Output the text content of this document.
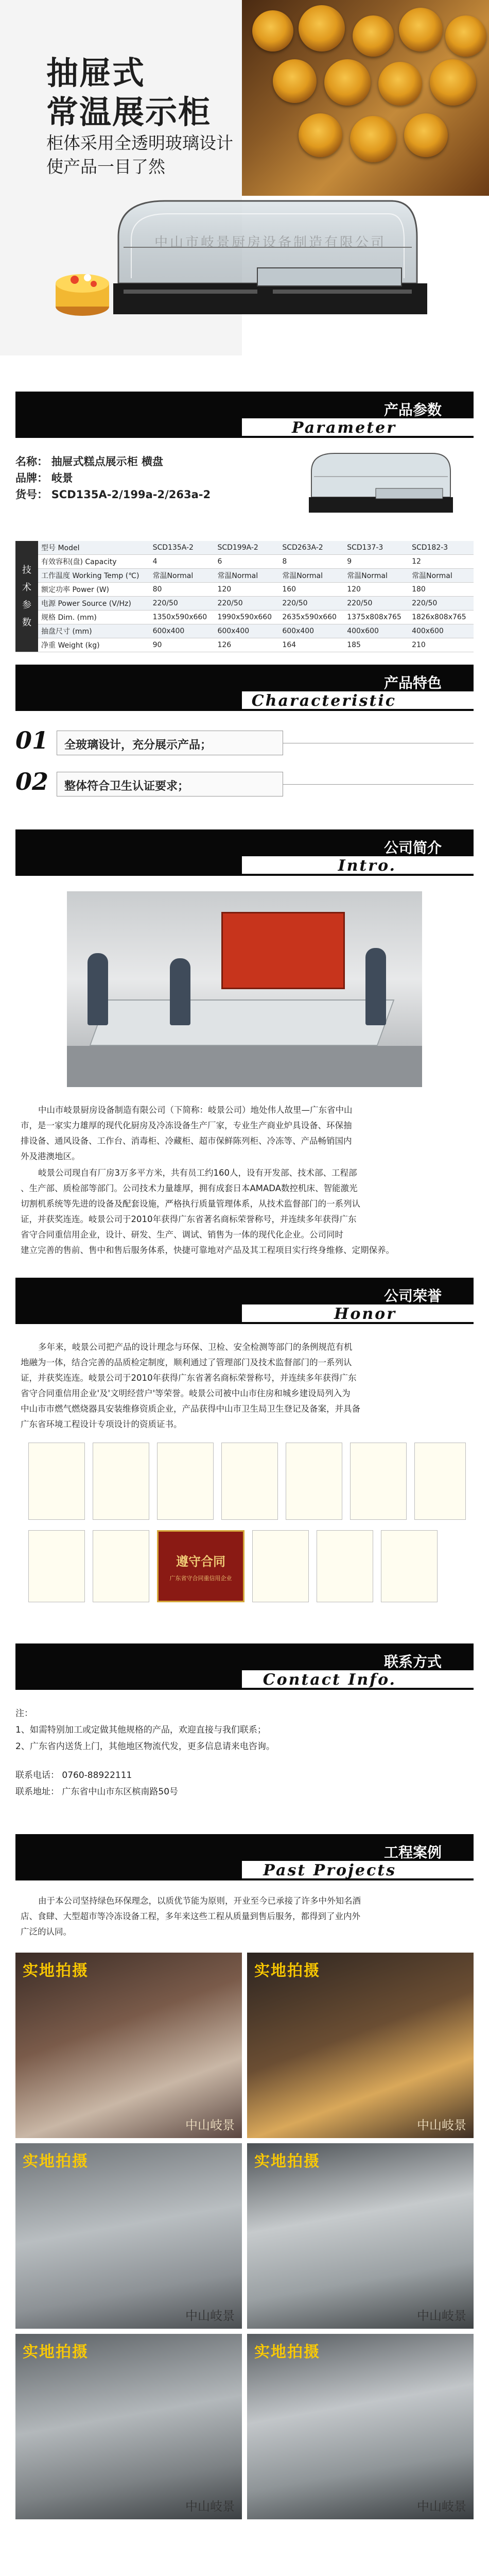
抽屉式
常温展示柜
柜体采用全透明玻璃设计
使产品一目了然
中山市岐景厨房设备制造有限公司
产品参数
Parameter
名称： 抽屉式糕点展示柜 横盘
品牌： 岐景
货号： SCD135A-2/199a-2/263a-2
技
术
参
数	型号 Model	SCD135A-2	SCD199A-2	SCD263A-2	SCD137-3	SCD182-3
	有效容积(盘) Capacity	4	6	8	9	12
	工作温度 Working Temp (℃)	常温Normal	常温Normal	常温Normal	常温Normal	常温Normal
	额定功率 Power (W)	80	120	160	120	180
	电源 Power Source (V/Hz)	220/50	220/50	220/50	220/50	220/50
	规格 Dim. (mm)	1350x590x660	1990x590x660	2635x590x660	1375x808x765	1826x808x765
	抽盘尺寸 (mm)	600x400	600x400	600x400	400x600	400x600
	净重 Weight (kg)	90	126	164	185	210
产品特色
Characteristic
01 全玻璃设计，充分展示产品；
02 整体符合卫生认证要求；
公司简介
Intro.
中山市岐景厨房设备制造有限公司（下简称：岐景公司）地处伟人故里—广东省中山
市，是一家实力雄厚的现代化厨房及冷冻设备生产厂家，专业生产商业炉具设备、环保抽
排设备、通风设备、工作台、消毒柜、冷藏柜、超市保鲜陈列柜、冷冻等、产品畅销国内
外及港澳地区。
岐景公司现自有厂房3万多平方米，共有员工约160人，设有开发部、技术部、工程部
、生产部、质检部等部门。公司技术力量雄厚，拥有成套日本AMADA数控机床、智能激光
切割机系统等先进的设备及配套设施，严格执行质量管理体系，从技术监督部门的一系列认
证，并获奖连连。岐景公司于2010年获得广东省著名商标荣誉称号，并连续多年获得广东
省守合同重信用企业，设计、研发、生产、调试、销售为一体的现代化企业。公司同时
建立完善的售前、售中和售后服务体系，快捷可靠地对产品及其工程项目实行终身维修、定期保养。
公司荣誉
Honor
多年来，岐景公司把产品的设计理念与环保、卫检、安全检测等部门的条例规范有机
地融为一体，结合完善的品质检定制度，顺利通过了管理部门及技术监督部门的一系列认
证，并获奖连连。岐景公司于2010年获得广东省著名商标荣誉称号，并连续多年获得广东
省守合同重信用企业'及'文明经营户'等荣誉。岐景公司被中山市住房和城乡建设局列入为
中山市市燃气燃烧器具安装维修资质企业，产品获得中山市卫生局卫生登记及备案，并具备
广东省环境工程设计专项设计的资质证书。
遵守合同
广东省守合同重信用企业
联系方式
Contact Info.
注：
1、如需特别加工或定做其他规格的产品，欢迎直接与我们联系；
2、广东省内送货上门，其他地区物流代发，更多信息请来电咨询。
联系电话： 0760-88922111
联系地址： 广东省中山市东区槟南路50号
工程案例
Past Projects
由于本公司坚持绿色环保理念，以质优节能为原则，开业至今已承接了许多中外知名酒
店、食肆、大型超市等冷冻设备工程，多年来这些工程从质量到售后服务，都得到了业内外
广泛的认同。
实地拍摄
中山岐景
实地拍摄
中山岐景
实地拍摄
中山岐景
实地拍摄
中山岐景
实地拍摄
中山岐景
实地拍摄
中山岐景
